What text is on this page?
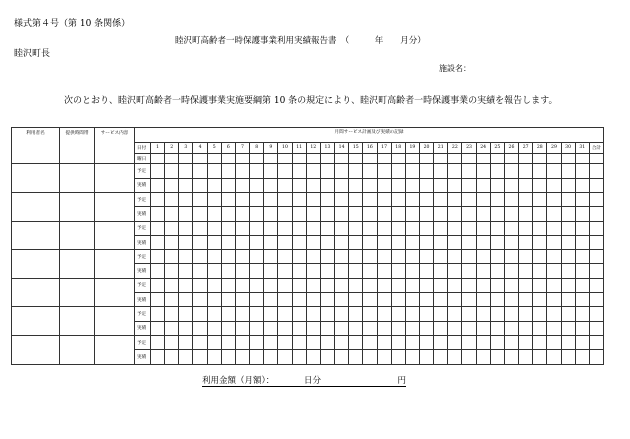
様式第４号（第 10 条関係）
睦沢町高齢者一時保護事業利用実績報告書　（　　　年　　月分）
睦沢町長
施設名：
次のとおり、睦沢町高齢者一時保護事業実施要綱第 10 条の規定により、睦沢町高齢者一時保護事業の実績を報告します。
利用者名	提供時間帯	サービス内容	月間サービス計画及び実績の記録																																
			日付	1	2	3	4	5	6	7	8	9	10	11	12	13	14	15	16	17	18	19	20	21	22	23	24	25	26	27	28	29	30	31	合計
			曜日																																
			予定																																
			実績																																
			予定																																
			実績																																
			予定																																
			実績																																
			予定																																
			実績																																
			予定																																
			実績																																
			予定																																
			実績																																
			予定																																
			実績																																
利用金額（月額）：　　　　日分　　　　　　　　　円
